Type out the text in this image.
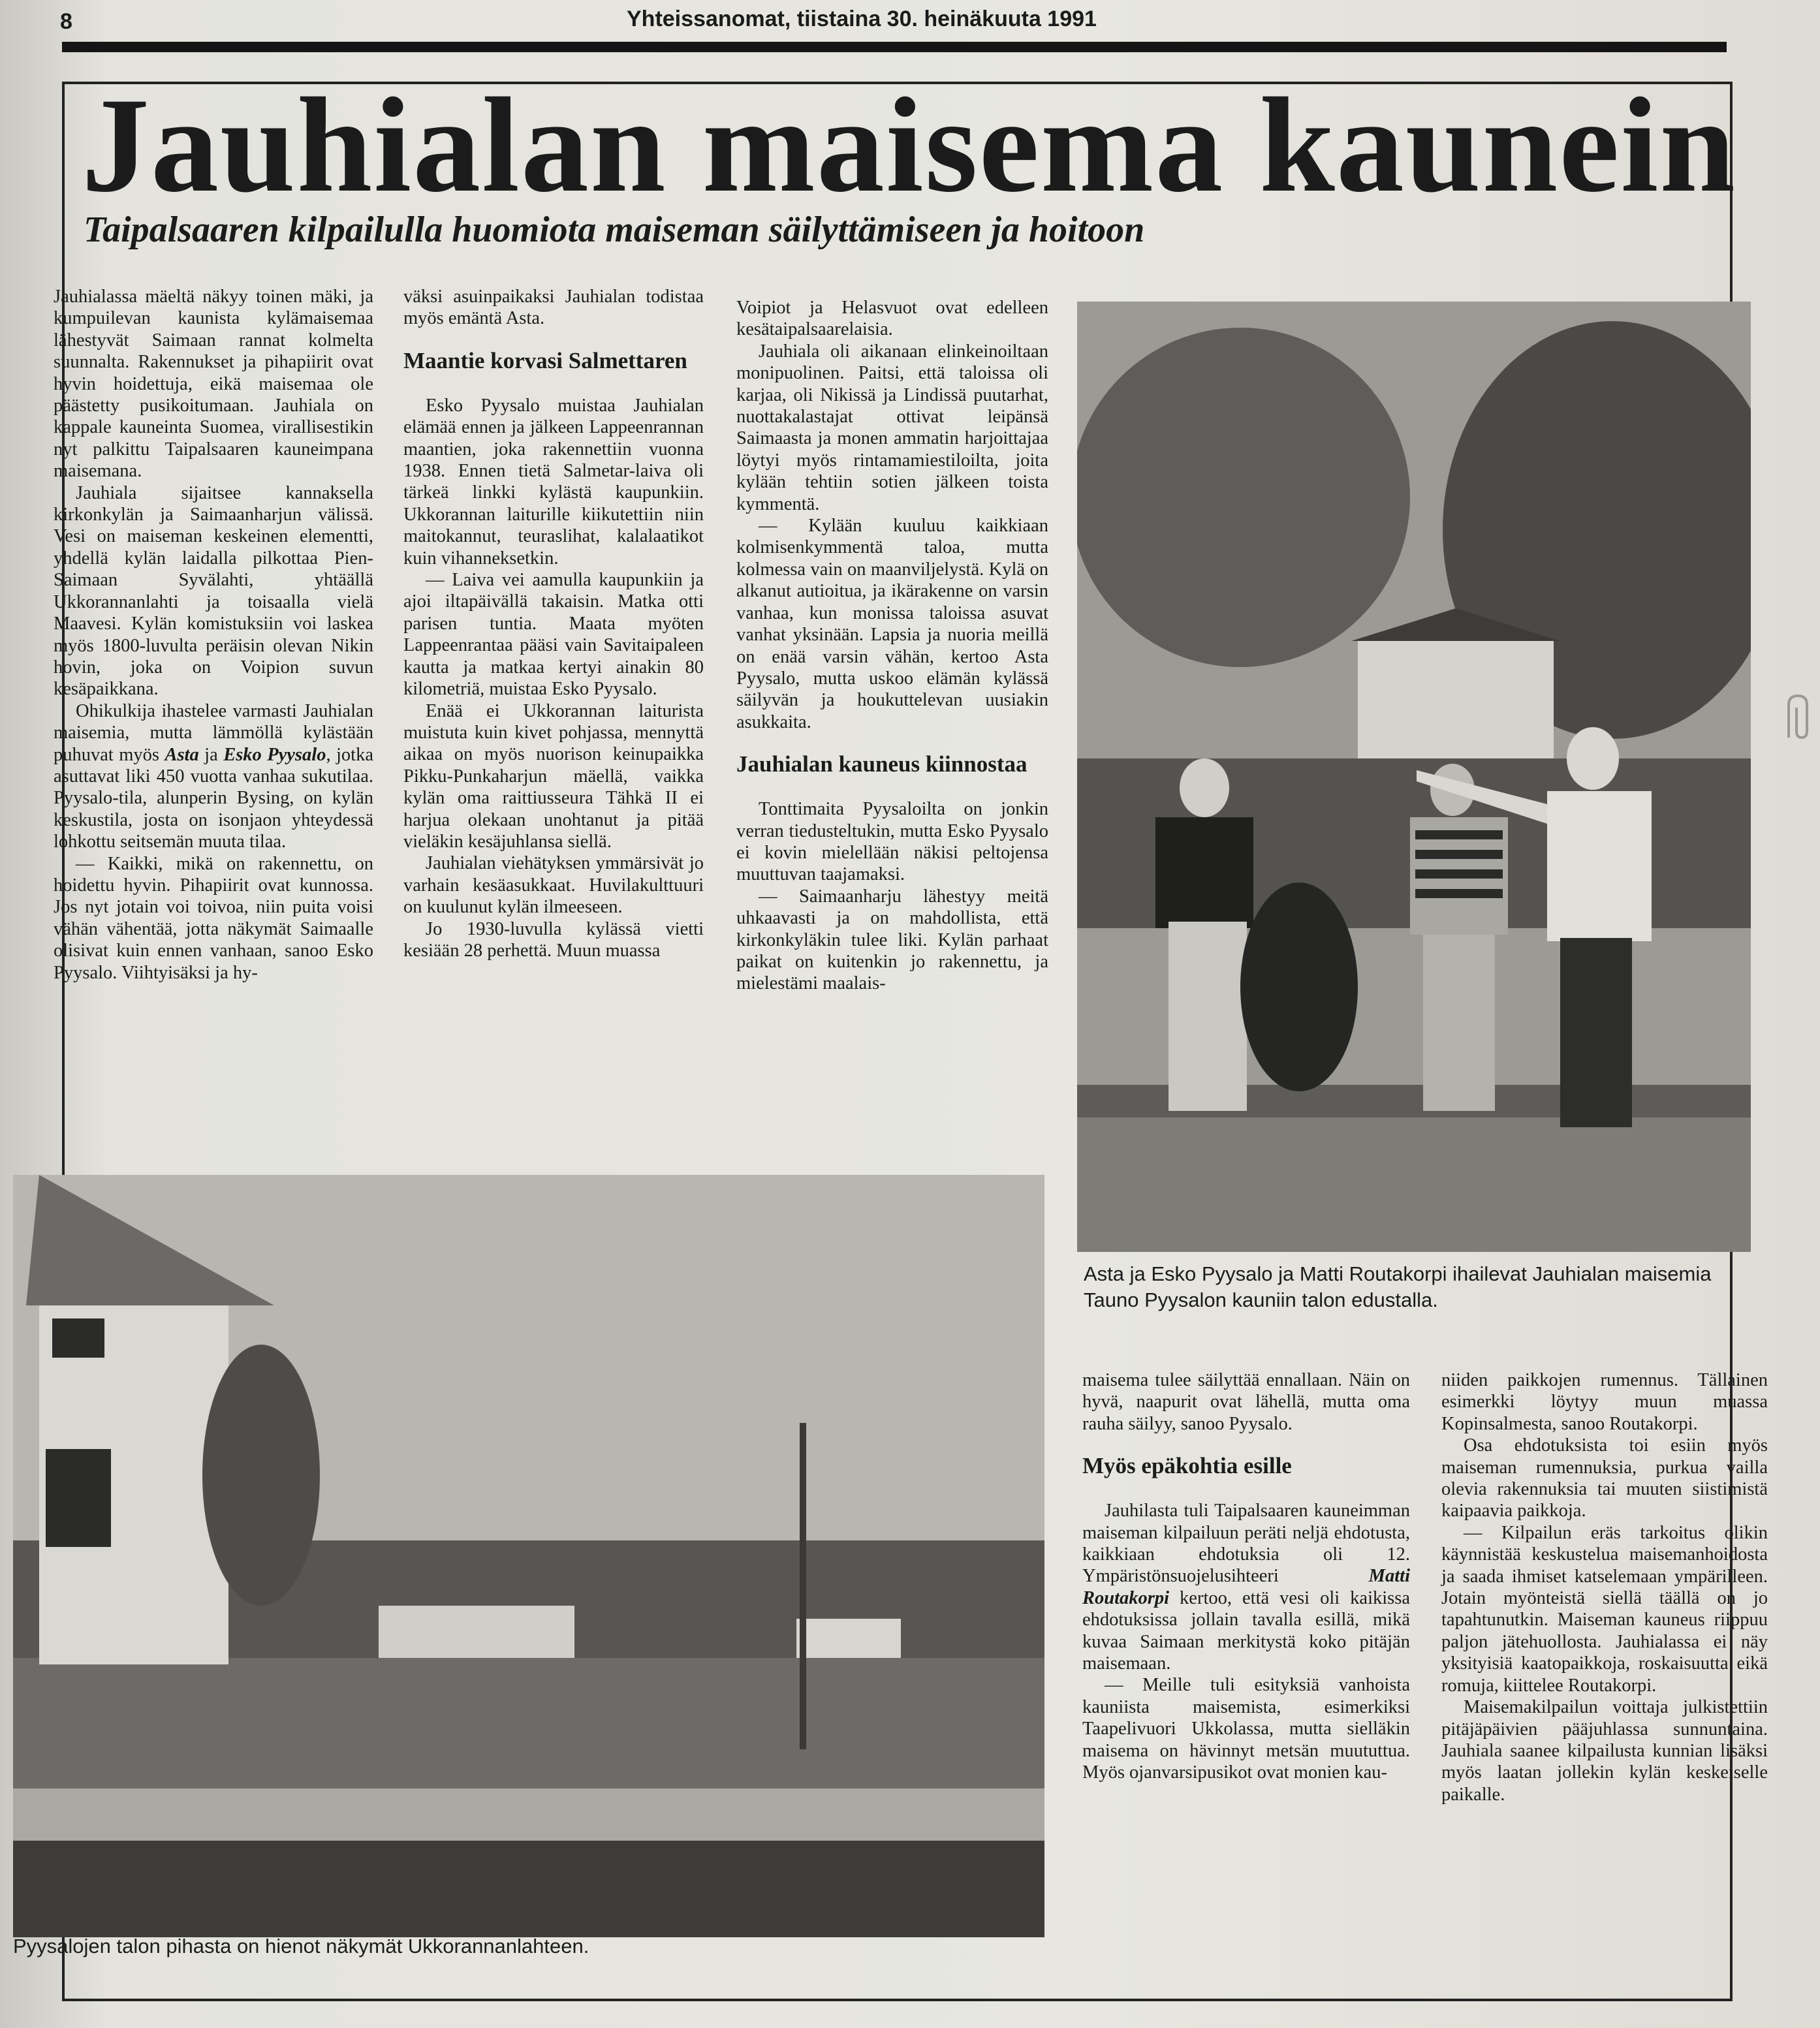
8	Yhteissanomat, tiistaina 30. heinäkuuta 1991
Jauhialan maisema kaunein
Taipalsaaren kilpailulla huomiota maiseman säilyttämiseen ja hoitoon

Jauhialassa mäeltä näkyy toinen mäki, ja kumpuilevan kaunista kylämaisemaa lähestyvät Saimaan rannat kolmelta suunnalta. Rakennukset ja pihapiirit ovat hyvin hoidettuja, eikä maisemaa ole päästetty pusikoitumaan. Jauhiala on kappale kauneinta Suomea, virallisestikin nyt palkittu Taipalsaaren kauneimpana maisemana.

Jauhiala sijaitsee kannaksella kirkonkylän ja Saimaanharjun välissä. Vesi on maiseman keskeinen elementti, yhdellä kylän laidalla pilkottaa Pien-Saimaan Syvälahti, yhtäällä Ukkorannanlahti ja toisaalla vielä Maavesi. Kylän komistuksiin voi laskea myös 1800-luvulta peräisin olevan Nikin hovin, joka on Voipion suvun kesäpaikkana.

Ohikulkija ihastelee varmasti Jauhialan maisemia, mutta lämmöllä kylästään puhuvat myös Asta ja Esko Pyysalo, jotka asuttavat liki 450 vuotta vanhaa sukutilaa. Pyysalo-tila, alunperin Bysing, on kylän keskustila, josta on isonjaon yhteydessä lohkottu seitsemän muuta tilaa.

— Kaikki, mikä on rakennettu, on hoidettu hyvin. Pihapiirit ovat kunnossa. Jos nyt jotain voi toivoa, niin puita voisi vähän vähentää, jotta näkymät Saimaalle olisivat kuin ennen vanhaan, sanoo Esko Pyysalo. Viihtyisäksi ja hy-

väksi asuinpaikaksi Jauhialan todistaa myös emäntä Asta.

Maantie korvasi Salmettaren

Esko Pyysalo muistaa Jauhialan elämää ennen ja jälkeen Lappeenrannan maantien, joka rakennettiin vuonna 1938. Ennen tietä Salmetar-laiva oli tärkeä linkki kylästä kaupunkiin. Ukkorannan laiturille kiikutettiin niin maitokannut, teuraslihat, kalalaatikot kuin vihanneksetkin.

— Laiva vei aamulla kaupunkiin ja ajoi iltapäivällä takaisin. Matka otti parisen tuntia. Maata myöten Lappeenrantaa pääsi vain Savitaipaleen kautta ja matkaa kertyi ainakin 80 kilometriä, muistaa Esko Pyysalo.

Enää ei Ukkorannan laiturista muistuta kuin kivet pohjassa, mennyttä aikaa on myös nuorison keinupaikka Pikku-Punkaharjun mäellä, vaikka kylän oma raittiusseura Tähkä II ei harjua olekaan unohtanut ja pitää vieläkin kesäjuhlansa siellä.

Jauhialan viehätyksen ymmärsivät jo varhain kesäasukkaat. Huvilakulttuuri on kuulunut kylän ilmeeseen.

Jo 1930-luvulla kylässä vietti kesiään 28 perhettä. Muun muassa

Voipiot ja Helasvuot ovat edelleen kesätaipalsaarelaisia.

Jauhiala oli aikanaan elinkeinoiltaan monipuolinen. Paitsi, että taloissa oli karjaa, oli Nikissä ja Lindissä puutarhat, nuottakalastajat ottivat leipänsä Saimaasta ja monen ammatin harjoittajaa löytyi myös rintamamiestiloilta, joita kylään tehtiin sotien jälkeen toista kymmentä.

— Kylään kuuluu kaikkiaan kolmisenkymmentä taloa, mutta kolmessa vain on maanviljelystä. Kylä on alkanut autioitua, ja ikärakenne on varsin vanhaa, kun monissa taloissa asuvat vanhat yksinään. Lapsia ja nuoria meillä on enää varsin vähän, kertoo Asta Pyysalo, mutta uskoo elämän kylässä säilyvän ja houkuttelevan uusiakin asukkaita.

Jauhialan kauneus kiinnostaa

Tonttimaita Pyysaloilta on jonkin verran tiedusteltukin, mutta Esko Pyysalo ei kovin mielellään näkisi peltojensa muuttuvan taajamaksi.

— Saimaanharju lähestyy meitä uhkaavasti ja on mahdollista, että kirkonkyläkin tulee liki. Kylän parhaat paikat on kuitenkin jo rakennettu, ja mielestämi maalais-

Asta ja Esko Pyysalo ja Matti Routakorpi ihailevat Jauhialan maisemia Tauno Pyysalon kauniin talon edustalla.
Pyysalojen talon pihasta on hienot näkymät Ukkorannanlahteen.

maisema tulee säilyttää ennallaan. Näin on hyvä, naapurit ovat lähellä, mutta oma rauha säilyy, sanoo Pyysalo.

Myös epäkohtia esille

Jauhilasta tuli Taipalsaaren kauneimman maiseman kilpailuun peräti neljä ehdotusta, kaikkiaan ehdotuksia oli 12. Ympäristönsuojelusihteeri Matti Routakorpi kertoo, että vesi oli kaikissa ehdotuksissa jollain tavalla esillä, mikä kuvaa Saimaan merkitystä koko pitäjän maisemaan.

— Meille tuli esityksiä vanhoista kauniista maisemista, esimerkiksi Taapelivuori Ukkolassa, mutta sielläkin maisema on hävinnyt metsän muututtua. Myös ojanvarsipusikot ovat monien kau-

niiden paikkojen rumennus. Tällainen esimerkki löytyy muun muassa Kopinsalmesta, sanoo Routakorpi.

Osa ehdotuksista toi esiin myös maiseman rumennuksia, purkua vailla olevia rakennuksia tai muuten siistimistä kaipaavia paikkoja.

— Kilpailun eräs tarkoitus olikin käynnistää keskustelua maisemanhoidosta ja saada ihmiset katselemaan ympärilleen. Jotain myönteistä siellä täällä on jo tapahtunutkin. Maiseman kauneus riippuu paljon jätehuollosta. Jauhialassa ei näy yksityisiä kaatopaikkoja, roskaisuutta eikä romuja, kiittelee Routakorpi.

Maisemakilpailun voittaja julkistettiin pitäjäpäivien pääjuhlassa sunnuntaina. Jauhiala saanee kilpailusta kunnian lisäksi myös laatan jollekin kylän keskeiselle paikalle.
